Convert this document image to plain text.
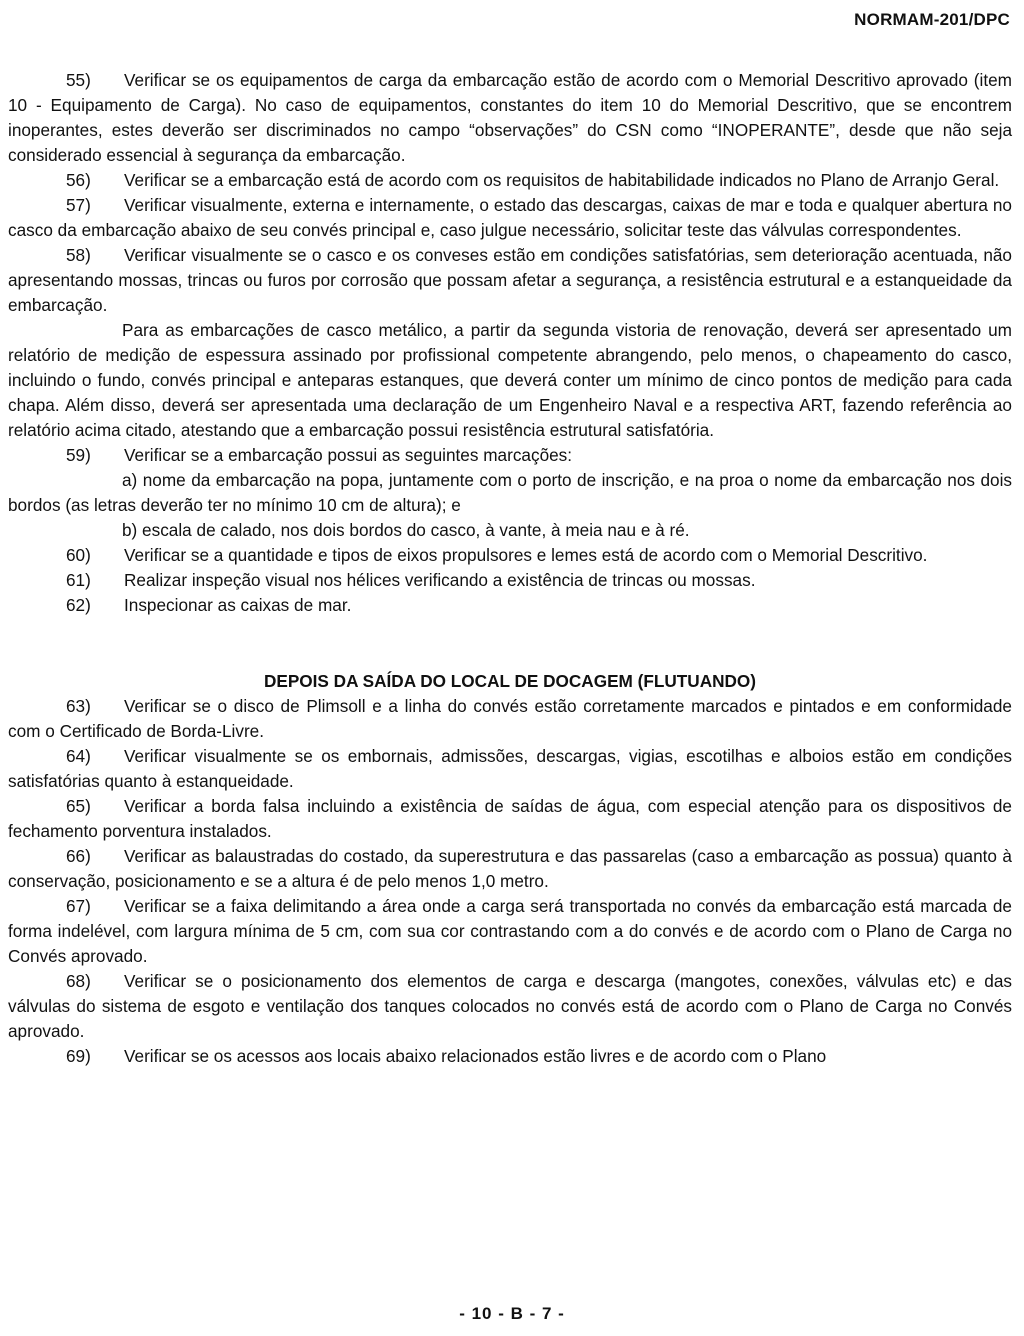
NORMAM-201/DPC

55) Verificar se os equipamentos de carga da embarcação estão de acordo com o Memorial Descritivo aprovado (item 10 - Equipamento de Carga). No caso de equipamentos, constantes do item 10 do Memorial Descritivo, que se encontrem inoperantes, estes deverão ser discriminados no campo “observações” do CSN como “INOPERANTE”, desde que não seja considerado essencial à segurança da embarcação.

56) Verificar se a embarcação está de acordo com os requisitos de habitabilidade indicados no Plano de Arranjo Geral.

57) Verificar visualmente, externa e internamente, o estado das descargas, caixas de mar e toda e qualquer abertura no casco da embarcação abaixo de seu convés principal e, caso julgue necessário, solicitar teste das válvulas correspondentes.

58) Verificar visualmente se o casco e os conveses estão em condições satisfatórias, sem deterioração acentuada, não apresentando mossas, trincas ou furos por corrosão que possam afetar a segurança, a resistência estrutural e a estanqueidade da embarcação.

Para as embarcações de casco metálico, a partir da segunda vistoria de renovação, deverá ser apresentado um relatório de medição de espessura assinado por profissional competente abrangendo, pelo menos, o chapeamento do casco, incluindo o fundo, convés principal e anteparas estanques, que deverá conter um mínimo de cinco pontos de medição para cada chapa. Além disso, deverá ser apresentada uma declaração de um Engenheiro Naval e a respectiva ART, fazendo referência ao relatório acima citado, atestando que a embarcação possui resistência estrutural satisfatória.

59) Verificar se a embarcação possui as seguintes marcações:

a) nome da embarcação na popa, juntamente com o porto de inscrição, e na proa o nome da embarcação nos dois bordos (as letras deverão ter no mínimo 10 cm de altura); e

b) escala de calado, nos dois bordos do casco, à vante, à meia nau e à ré.

60) Verificar se a quantidade e tipos de eixos propulsores e lemes está de acordo com o Memorial Descritivo.

61) Realizar inspeção visual nos hélices verificando a existência de trincas ou mossas.

62) Inspecionar as caixas de mar.

DEPOIS DA SAÍDA DO LOCAL DE DOCAGEM (FLUTUANDO)

63) Verificar se o disco de Plimsoll e a linha do convés estão corretamente marcados e pintados e em conformidade com o Certificado de Borda-Livre.

64) Verificar visualmente se os embornais, admissões, descargas, vigias, escotilhas e alboios estão em condições satisfatórias quanto à estanqueidade.

65) Verificar a borda falsa incluindo a existência de saídas de água, com especial atenção para os dispositivos de fechamento porventura instalados.

66) Verificar as balaustradas do costado, da superestrutura e das passarelas (caso a embarcação as possua) quanto à conservação, posicionamento e se a altura é de pelo menos 1,0 metro.

67) Verificar se a faixa delimitando a área onde a carga será transportada no convés da embarcação está marcada de forma indelével, com largura mínima de 5 cm, com sua cor contrastando com a do convés e de acordo com o Plano de Carga no Convés aprovado.

68) Verificar se o posicionamento dos elementos de carga e descarga (mangotes, conexões, válvulas etc) e das válvulas do sistema de esgoto e ventilação dos tanques colocados no convés está de acordo com o Plano de Carga no Convés aprovado.

69) Verificar se os acessos aos locais abaixo relacionados estão livres e de acordo com o Plano

- 10 - B - 7 -
